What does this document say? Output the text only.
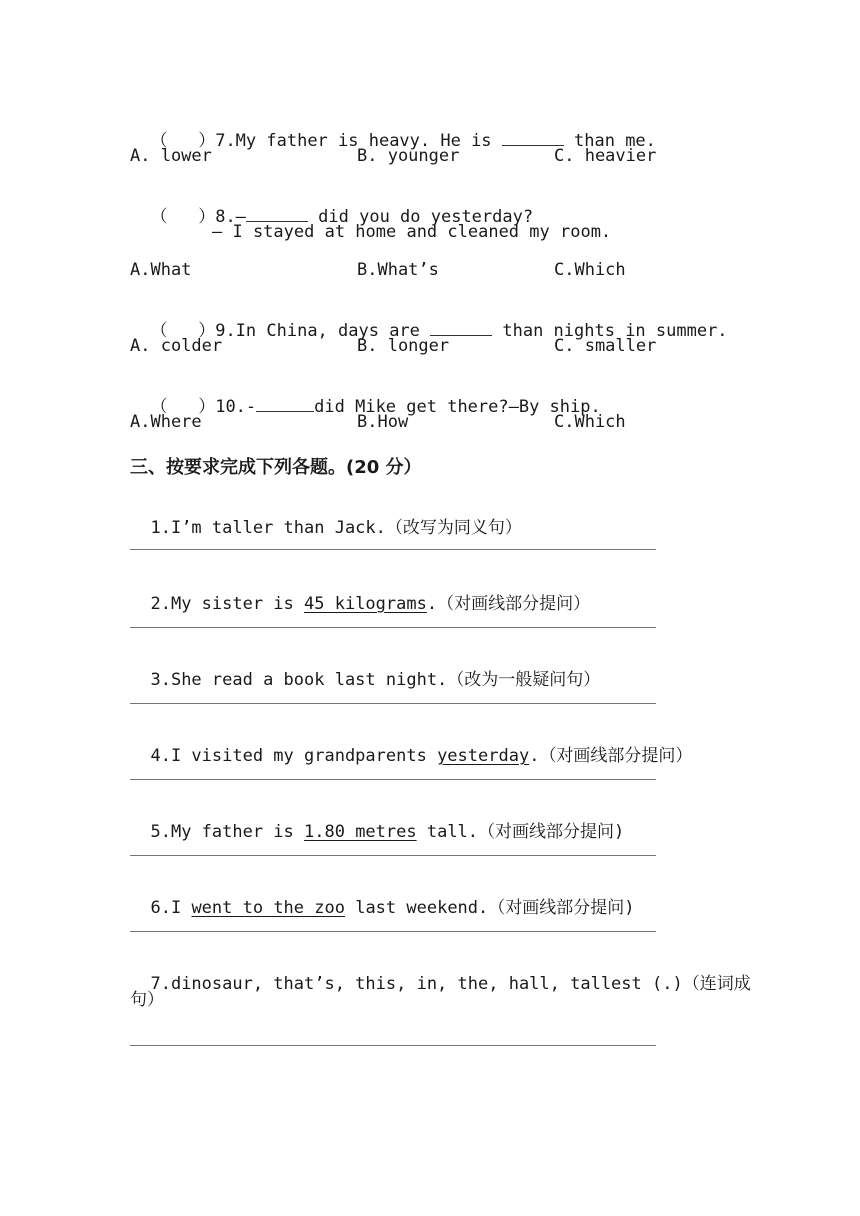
（   ）7.My father is heavy. He is	than me.

A. lower	B. younger	C. heavier

（   ）8.—	did you do yesterday?

— I stayed at home and cleaned my room.
A.What	B.What’s	C.Which

（   ）9.In China, days are	than nights in summer.

A. colder	B. longer	C. smaller

（   ）10.-	did Mike get there?—By ship.

A.Where	B.How	C.Which
三、按要求完成下列各题。(20 分）

1.I’m taller than Jack.（改写为同义句）

2.My sister is 45 kilograms.（对画线部分提问）

3.She read a book last night.（改为一般疑问句）

4.I visited my grandparents yesterday.（对画线部分提问）

5.My father is 1.80 metres tall.（对画线部分提问)

6.I went to the zoo last weekend.（对画线部分提问)

7.dinosaur, that’s, this, in, the, hall, tallest (.)（连词成

句）
